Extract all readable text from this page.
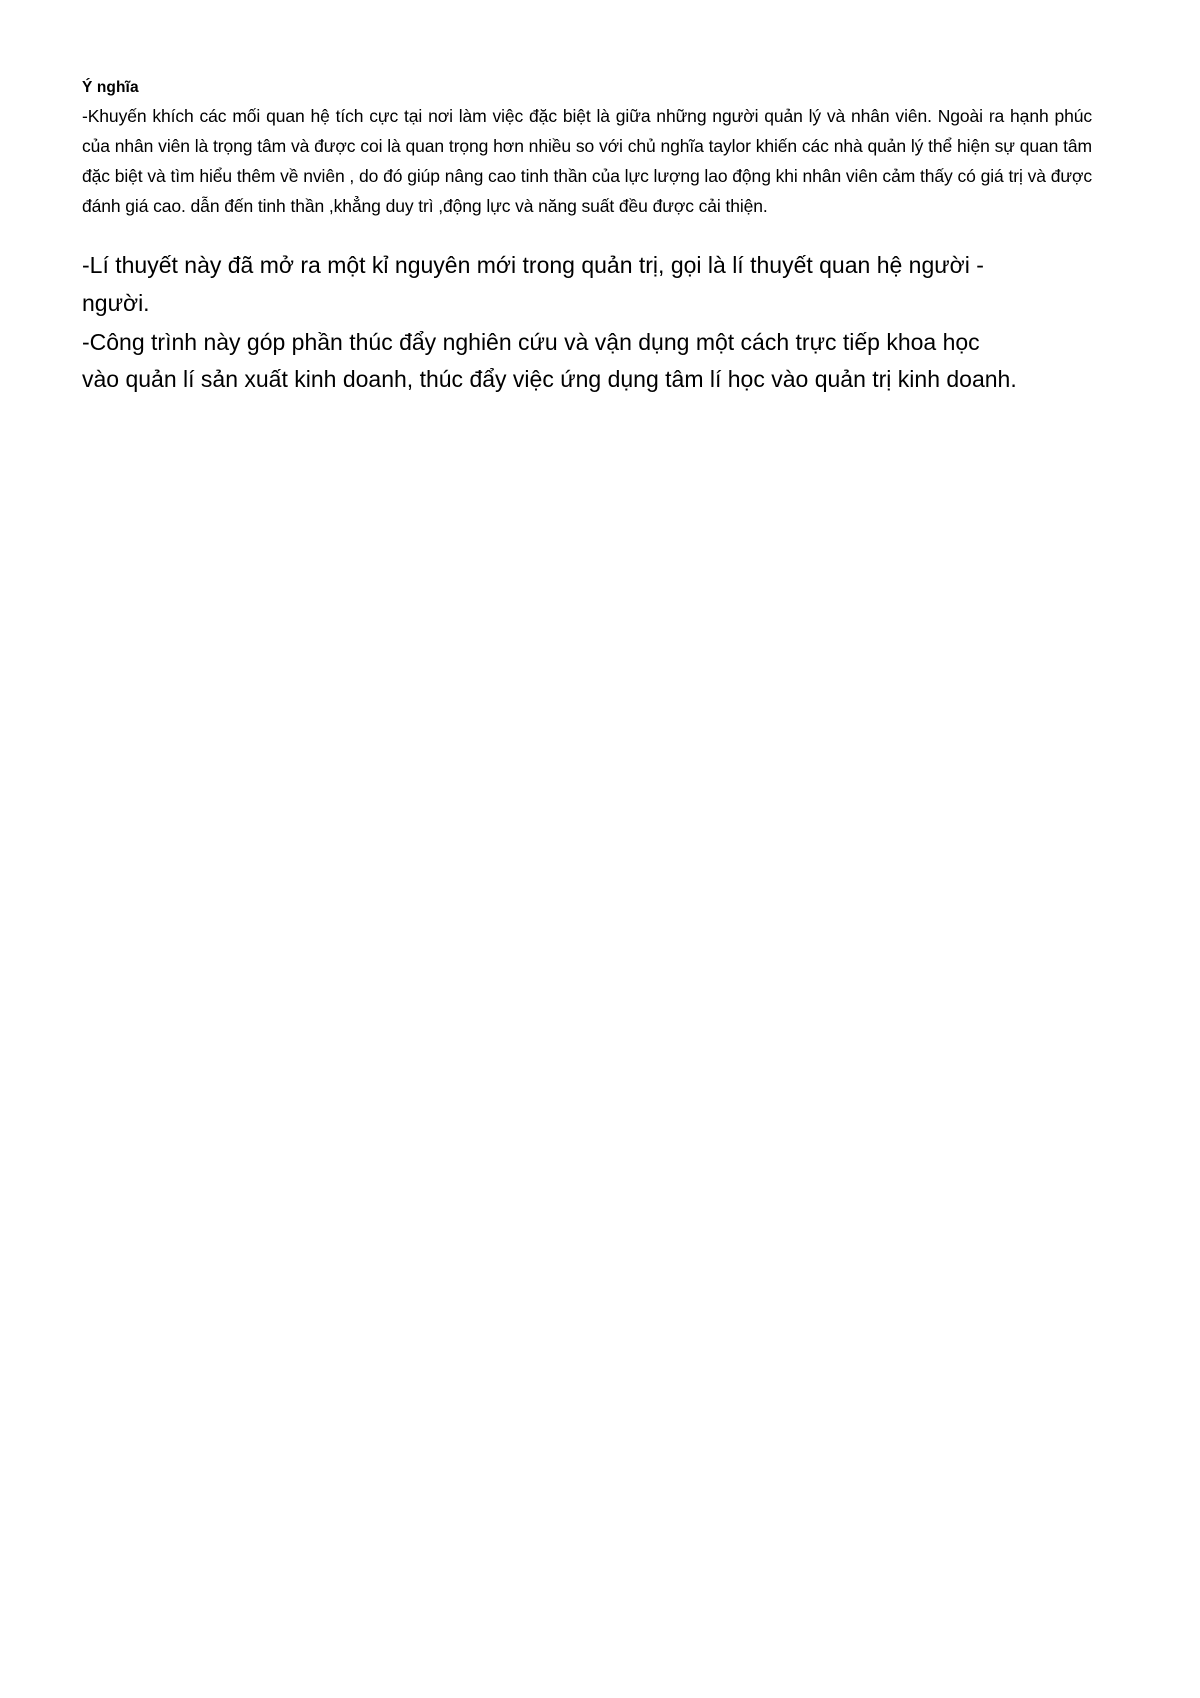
Ý nghĩa

-Khuyến khích các mối quan hệ tích cực tại nơi làm việc đặc biệt là giữa những người quản lý và nhân viên. Ngoài ra hạnh phúc của nhân viên là trọng tâm và được coi là quan trọng hơn nhiều so với chủ nghĩa taylor khiến các nhà quản lý thể hiện sự quan tâm đặc biệt và tìm hiểu thêm về nviên , do đó giúp nâng cao tinh thần của lực lượng lao động khi nhân viên cảm thấy có giá trị và được đánh giá cao. dẫn đến tinh thần ,khẳng duy trì ,động lực và năng suất đều được cải thiện.

-Lí thuyết này đã mở ra một kỉ nguyên mới trong quản trị, gọi là lí thuyết quan hệ người - người.

-Công trình này góp phần thúc đẩy nghiên cứu và vận dụng một cách trực tiếp khoa học vào quản lí sản xuất kinh doanh, thúc đẩy việc ứng dụng tâm lí học vào quản trị kinh doanh.
